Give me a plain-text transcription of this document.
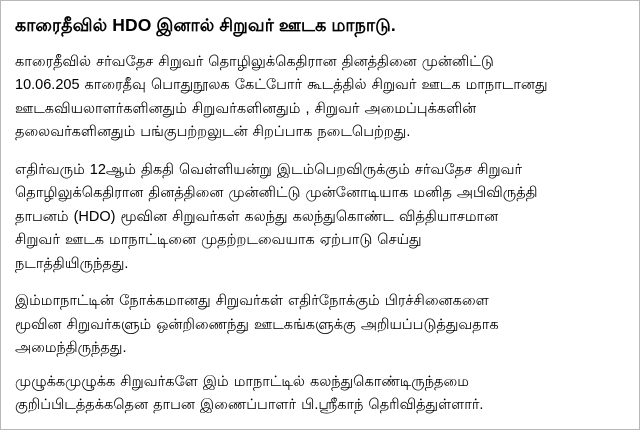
காரைதீவில் HDO இனால் சிறுவர் ஊடக மாநாடு.

காரைதீவில் சர்வதேச சிறுவர் தொழிலுக்கெதிரான தினத்தினை முன்னிட்டு
10.06.205 காரைதீவு பொதுநூலக கேட்போர் கூடத்தில் சிறுவர் ஊடக மாநாடானது
ஊடகவியலாளர்களினதும் சிறுவர்களினதும் , சிறுவர் அமைப்புக்களின்
தலைவர்களினதும் பங்குபற்றலுடன் சிறப்பாக நடைபெற்றது.

எதிர்வரும் 12ஆம் திகதி வெள்ளியன்று இடம்பெறவிருக்கும் சர்வதேச சிறுவர்
தொழிலுக்கெதிரான தினத்தினை முன்னிட்டு முன்னோடியாக மனித அபிவிருத்தி
தாபனம் (HDO) மூவின சிறுவர்கள் கலந்து கலந்துகொண்ட வித்தியாசமான
சிறுவர் ஊடக மாநாட்டினை முதற்றடவையாக ஏற்பாடு செய்து
நடாத்தியிருந்தது.

இம்மாநாட்டின் நோக்கமானது சிறுவர்கள் எதிர்நோக்கும் பிரச்சினைகளை
மூவின சிறுவர்களும் ஒன்றிணைந்து ஊடகங்களுக்கு அறியப்படுத்துவதாக
அமைந்திருந்தது.

முழுக்கமுழுக்க சிறுவர்களே இம் மாநாட்டில் கலந்துகொண்டிருந்தமை
குறிப்பிடத்தக்கதென தாபன இணைப்பாளர் பி.ஸ்ரீகாந் தெரிவித்துள்ளார்.
